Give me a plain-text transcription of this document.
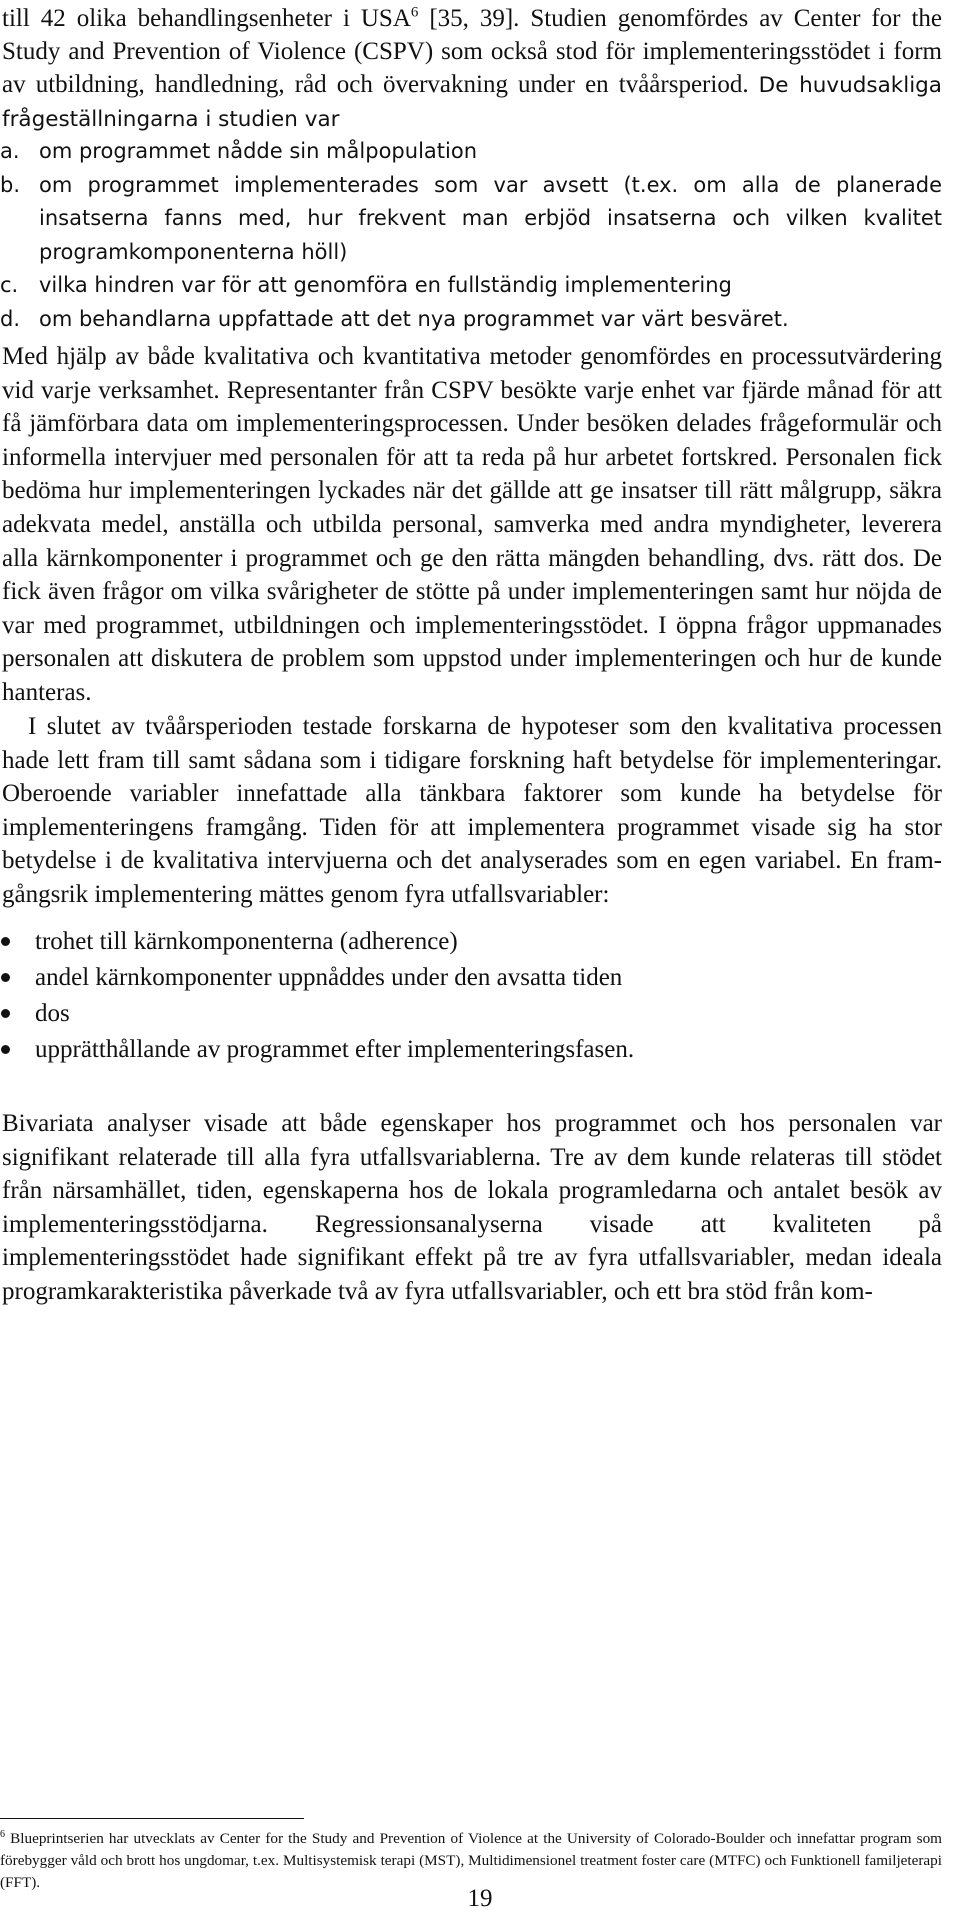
till 42 olika behandlingsenheter i USA$^6$ [35, 39]. Studien genomfördes av Center for the Study and Prevention of Violence (CSPV) som också stod för implementeringsstödet i form av utbildning, handledning, råd och övervakning under en tvåårsperiod. De huvudsakliga frågeställningarna i studien var

a. om programmet nådde sin målpopulation
b. om programmet implementerades som var avsett (t.ex. om alla de planerade insatserna fanns med, hur frekvent man erbjöd insatserna och vilken kvalitet programkomponenterna höll)
c. vilka hindren var för att genomföra en fullständig implementering
d. om behandlarna uppfattade att det nya programmet var värt besväret.

Med hjälp av både kvalitativa och kvantitativa metoder genomfördes en processutvärdering vid varje verksamhet. Representanter från CSPV besökte varje enhet var fjärde månad för att få jämförbara data om implementeringsprocessen. Under besöken delades frågeformulär och informella intervjuer med personalen för att ta reda på hur arbetet fortskred. Personalen fick bedöma hur implementeringen lyckades när det gällde att ge insatser till rätt målgrupp, säkra adekvata medel, anställa och utbilda personal, samverka med andra myndigheter, leverera alla kärnkomponenter i programmet och ge den rätta mängden behandling, dvs. rätt dos. De fick även frågor om vilka svårigheter de stötte på under implementeringen samt hur nöjda de var med programmet, utbildningen och implementeringsstödet. I öppna frågor uppmanades personalen att diskutera de problem som uppstod under implementeringen och hur de kunde hanteras.

I slutet av tvåårsperioden testade forskarna de hypoteser som den kvalitativa processen hade lett fram till samt sådana som i tidigare forskning haft betydelse för implementeringar. Oberoende variabler innefattade alla tänkbara faktorer som kunde ha betydelse för implementeringens framgång. Tiden för att implementera programmet visade sig ha stor betydelse i de kvalitativa intervjuerna och det analyserades som en egen variabel. En framgångsrik implementering mättes genom fyra utfallsvariabler:

trohet till kärnkomponenterna (adherence)
andel kärnkomponenter uppnåddes under den avsatta tiden
dos
upprätthållande av programmet efter implementeringsfasen.

Bivariata analyser visade att både egenskaper hos programmet och hos personalen var signifikant relaterade till alla fyra utfallsvariablerna. Tre av dem kunde relateras till stödet från närsamhället, tiden, egenskaperna hos de lokala programledarna och antalet besök av implementeringsstödjarna. Regressionsanalyserna visade att kvaliteten på implementeringsstödet hade signifikant effekt på tre av fyra utfallsvariabler, medan ideala programkarakteristika påverkade två av fyra utfallsvariabler, och ett bra stöd från kom-

$^6$ Blueprintserien har utvecklats av Center for the Study and Prevention of Violence at the University of Colorado-Boulder och innefattar program som förebygger våld och brott hos ungdomar, t.ex. Multisystemisk terapi (MST), Multidimensionel treatment foster care (MTFC) och Funktionell familjeterapi (FFT).

19
